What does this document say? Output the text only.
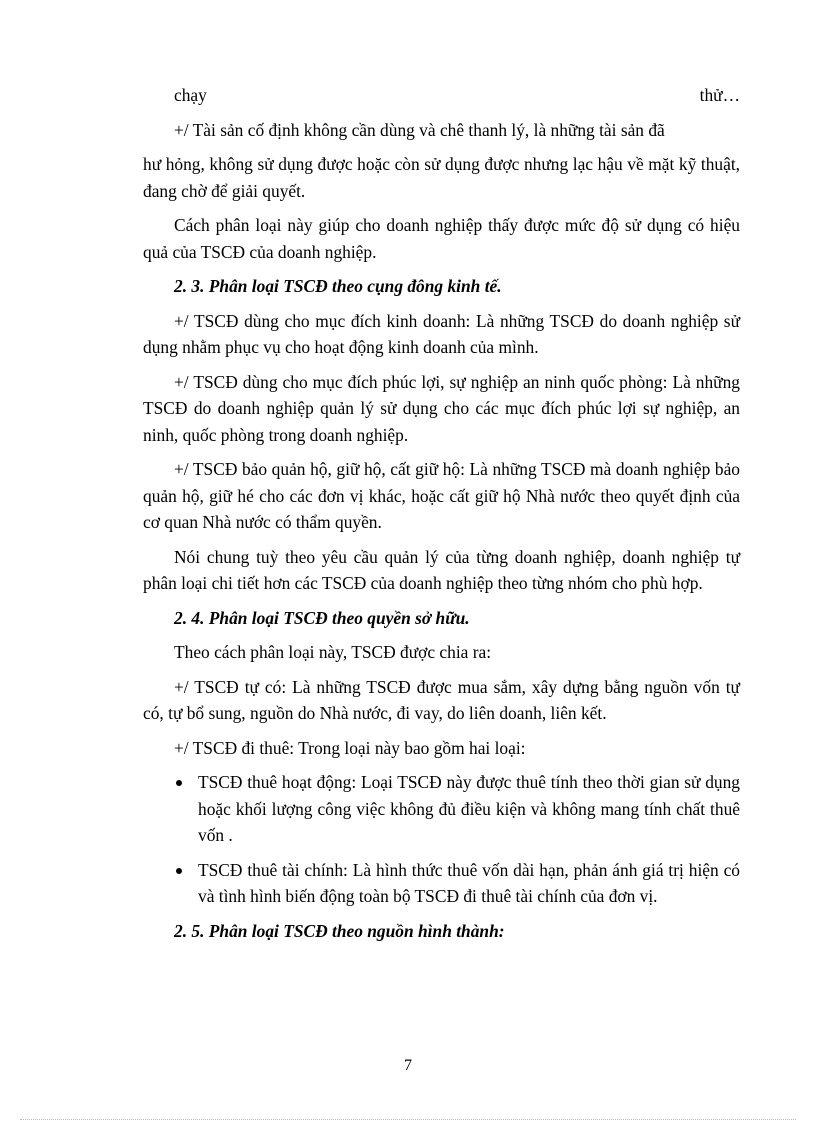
chạy	thử…

+/ Tài sản cố định không cần dùng và chê thanh lý, là những tài sản đã

hư hỏng, không sử dụng được hoặc còn sử dụng được nhưng lạc hậu về mặt kỹ thuật, đang chờ để giải quyết.

Cách phân loại này giúp cho doanh nghiệp thấy được mức độ sử dụng có hiệu quả của TSCĐ của doanh nghiệp.

2. 3. Phân loại TSCĐ theo cụng đông kinh tế.

+/ TSCĐ dùng cho mục đích kinh doanh: Là những TSCĐ do doanh nghiệp sử dụng nhằm phục vụ cho hoạt động kinh doanh của mình.

+/ TSCĐ dùng cho mục đích phúc lợi, sự nghiệp an ninh quốc phòng: Là những TSCĐ do doanh nghiệp quản lý sử dụng cho các mục đích phúc lợi sự nghiệp, an ninh, quốc phòng trong doanh nghiệp.

+/ TSCĐ bảo quản hộ, giữ hộ, cất giữ hộ: Là những TSCĐ mà doanh nghiệp bảo quản hộ, giữ hé cho các đơn vị khác, hoặc cất giữ hộ Nhà nước theo quyết định của cơ quan Nhà nước có thẩm quyền.

Nói chung tuỳ theo yêu cầu quản lý của từng doanh nghiệp, doanh nghiệp tự phân loại chi tiết hơn các TSCĐ của doanh nghiệp theo từng nhóm cho phù hợp.

2. 4. Phân loại TSCĐ theo quyền sở hữu.

Theo cách phân loại này, TSCĐ được chia ra:

+/ TSCĐ tự có: Là những TSCĐ được mua sắm, xây dựng bằng nguồn vốn tự có, tự bổ sung, nguồn do Nhà nước, đi vay, do liên doanh, liên kết.

+/ TSCĐ đi thuê: Trong loại này bao gồm hai loại:

TSCĐ thuê hoạt động: Loại TSCĐ này được thuê tính theo thời gian sử dụng hoặc khối lượng công việc không đủ điều kiện và không mang tính chất thuê vốn .
TSCĐ thuê tài chính: Là hình thức thuê vốn dài hạn, phản ánh giá trị hiện có và tình hình biến động toàn bộ TSCĐ đi thuê tài chính của đơn vị.

2. 5. Phân loại TSCĐ theo nguồn hình thành:

7
